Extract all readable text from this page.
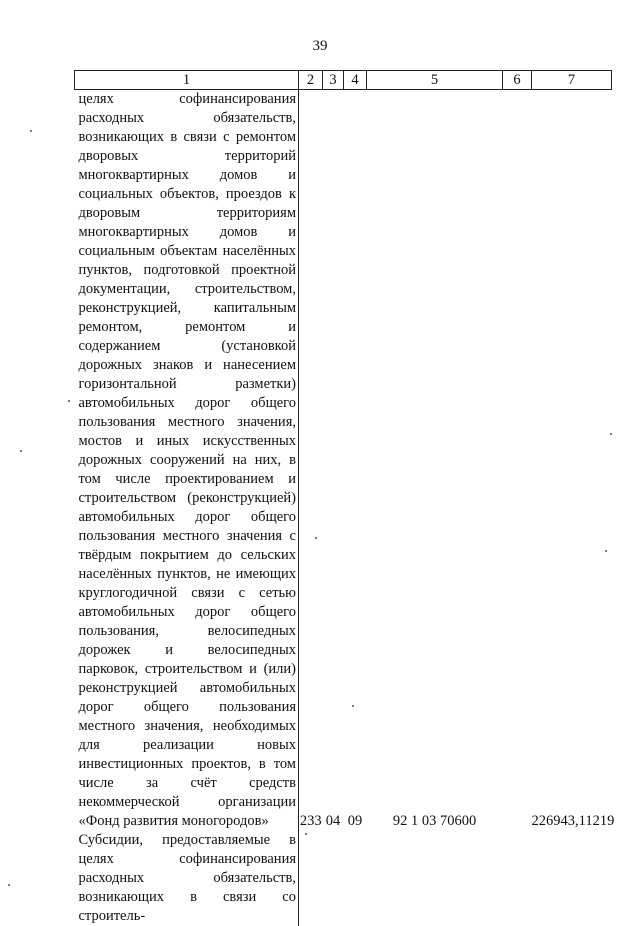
39
1	2	3	4	5	6	7
целях софинансирования расходных обязательств, возникающих в связи с ремонтом дворовых территорий многоквартирных домов и социальных объектов, проездов к дворовым территориям многоквартирных домов и социальным объектам населённых пунктов, подготовкой проектной документации, строительством, реконструкцией, капитальным ремонтом, ремонтом и содержанием (установкой дорожных знаков и нанесением горизонтальной разметки) автомобильных дорог общего пользования местного значения, мостов и иных искусственных дорожных сооружений на них, в том числе проектированием и строительством (реконструкцией) автомобильных дорог общего пользования местного значения с твёрдым покрытием до сельских населённых пунктов, не имеющих круглогодичной связи с сетью автомобильных дорог общего пользования, велосипедных дорожек и велосипедных парковок, строительством и (или) реконструкцией автомобильных дорог общего пользования местного значения, необходимых для реализации новых инвестиционных проектов, в том числе за счёт средств некоммерческой организации «Фонд развития моногородов»	233	04	09	92 1 03 70600		226943,11219
Субсидии, предоставляемые в целях софинансирования расходных обязательств, возникающих в связи со строитель-						
